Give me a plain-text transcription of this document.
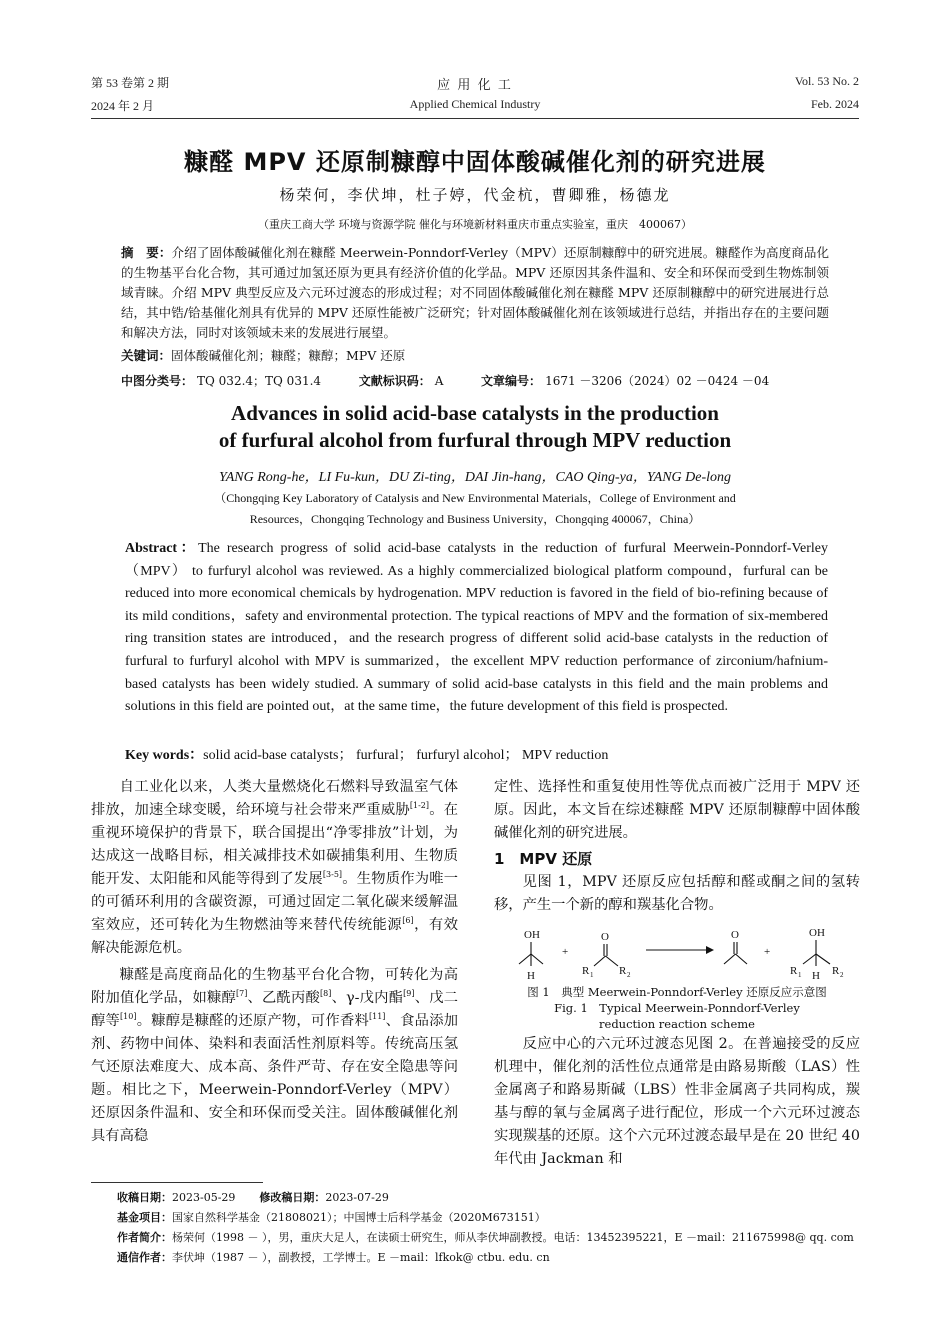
第 53 卷第 2 期
2024 年 2 月
应 用 化 工
Applied Chemical Industry
Vol. 53 No. 2
Feb. 2024
糠醛 MPV 还原制糠醇中固体酸碱催化剂的研究进展
杨荣何，李伏坤，杜子婷，代金杭，曹卿雅，杨德龙
（重庆工商大学 环境与资源学院 催化与环境新材料重庆市重点实验室，重庆　400067）
摘　要：介绍了固体酸碱催化剂在糠醛 Meerwein-Ponndorf-Verley（MPV）还原制糠醇中的研究进展。糠醛作为高度商品化的生物基平台化合物，其可通过加氢还原为更具有经济价值的化学品。MPV 还原因其条件温和、安全和环保而受到生物炼制领域青睐。介绍 MPV 典型反应及六元环过渡态的形成过程；对不同固体酸碱催化剂在糠醛 MPV 还原制糠醇中的研究进展进行总结，其中锆/铪基催化剂具有优异的 MPV 还原性能被广泛研究；针对固体酸碱催化剂在该领域进行总结，并指出存在的主要问题和解决方法，同时对该领域未来的发展进行展望。
关键词：固体酸碱催化剂；糠醛；糠醇；MPV 还原
中图分类号： TQ 032.4；TQ 031.4	文献标识码： A	文章编号： 1671 －3206（2024）02 －0424 －04
Advances in solid acid-base catalysts in the production
of furfural alcohol from furfural through MPV reduction
YANG Rong-he，LI Fu-kun，DU Zi-ting，DAI Jin-hang，CAO Qing-ya，YANG De-long
（Chongqing Key Laboratory of Catalysis and New Environmental Materials，College of Environment and
Resources，Chongqing Technology and Business University，Chongqing 400067，China）
Abstract：The research progress of solid acid-base catalysts in the reduction of furfural Meerwein-Ponndorf-Verley（MPV） to furfuryl alcohol was reviewed. As a highly commercialized biological platform compound，furfural can be reduced into more economical chemicals by hydrogenation. MPV reduction is favored in the field of bio-refining because of its mild conditions，safety and environmental protection. The typical reactions of MPV and the formation of six-membered ring transition states are introduced，and the research progress of different solid acid-base catalysts in the reduction of furfural to furfuryl alcohol with MPV is summarized，the excellent MPV reduction performance of zirconium/hafnium-based catalysts has been widely studied. A summary of solid acid-base catalysts in this field and the main problems and solutions in this field are pointed out，at the same time，the future development of this field is prospected.
Key words：solid acid-base catalysts； furfural； furfuryl alcohol； MPV reduction

自工业化以来，人类大量燃烧化石燃料导致温室气体排放，加速全球变暖，给环境与社会带来严重威胁[1-2]。在重视环境保护的背景下，联合国提出“净零排放”计划，为达成这一战略目标，相关减排技术如碳捕集利用、生物质能开发、太阳能和风能等得到了发展[3-5]。生物质作为唯一的可循环利用的含碳资源，可通过固定二氧化碳来缓解温室效应，还可转化为生物燃油等来替代传统能源[6]，有效解决能源危机。

糠醛是高度商品化的生物基平台化合物，可转化为高附加值化学品，如糠醇[7]、乙酰丙酸[8]、γ-戊内酯[9]、戊二醇等[10]。糠醇是糠醛的还原产物，可作香料[11]、食品添加剂、药物中间体、染料和表面活性剂原料等。传统高压氢气还原法难度大、成本高、条件严苛、存在安全隐患等问题。相比之下，Meerwein-Ponndorf-Verley（MPV）还原因条件温和、安全和环保而受关注。固体酸碱催化剂具有高稳

定性、选择性和重复使用性等优点而被广泛用于 MPV 还原。因此，本文旨在综述糠醛 MPV 还原制糠醇中固体酸碱催化剂的研究进展。

1　MPV 还原

见图 1，MPV 还原反应包括醇和醛或酮之间的氢转移，产生一个新的醇和羰基化合物。

OH
H
+
O
R 1 R 2
O
+
OH
R 1 H R 2
图 1　典型 Meerwein-Ponndorf-Verley 还原反应示意图
Fig. 1　Typical Meerwein-Ponndorf-Verley
reduction reaction scheme

反应中心的六元环过渡态见图 2。在普遍接受的反应机理中，催化剂的活性位点通常是由路易斯酸（LAS）性金属离子和路易斯碱（LBS）性非金属离子共同构成，羰基与醇的氧与金属离子进行配位，形成一个六元环过渡态实现羰基的还原。这个六元环过渡态最早是在 20 世纪 40 年代由 Jackman 和

收稿日期：2023-05-29 修改稿日期：2023-07-29
基金项目：国家自然科学基金（21808021）；中国博士后科学基金（2020M673151）
作者简介：杨荣何（1998 － ），男，重庆大足人，在读硕士研究生，师从李伏坤副教授。电话：13452395221，E －mail：211675998@ qq. com
通信作者：李伏坤（1987 － ），副教授，工学博士。E －mail：lfkok@ ctbu. edu. cn
